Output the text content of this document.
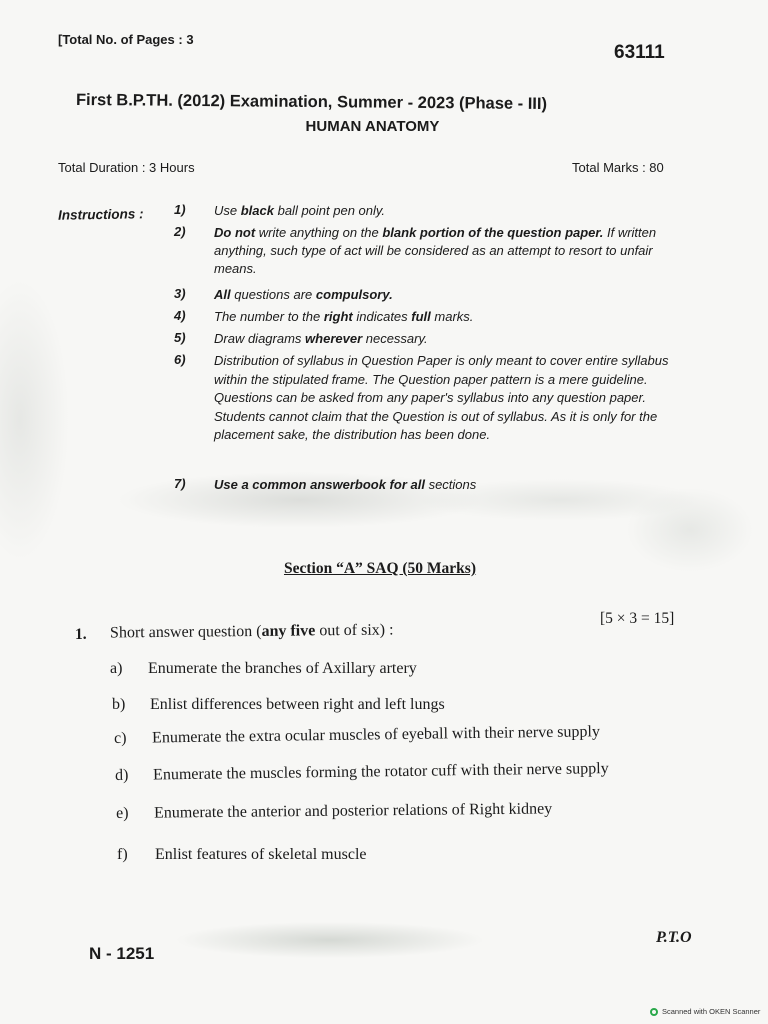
[Total No. of Pages : 3
63111
First B.P.TH. (2012) Examination, Summer - 2023 (Phase - III)
HUMAN ANATOMY
Total Duration : 3 Hours	Total Marks : 80
Instructions : 1) Use black ball point pen only.
2) Do not write anything on the blank portion of the question paper. If written anything, such type of act will be considered as an attempt to resort to unfair means.
3) All questions are compulsory.
4) The number to the right indicates full marks.
5) Draw diagrams wherever necessary.
6) Distribution of syllabus in Question Paper is only meant to cover entire syllabus within the stipulated frame. The Question paper pattern is a mere guideline. Questions can be asked from any paper's syllabus into any question paper. Students cannot claim that the Question is out of syllabus. As it is only for the placement sake, the distribution has been done.
7) Use a common answerbook for all sections
Section “A” SAQ (50 Marks)
1. Short answer question (any five out of six) :
[5 × 3 = 15]
a) Enumerate the branches of Axillary artery
b) Enlist differences between right and left lungs
c) Enumerate the extra ocular muscles of eyeball with their nerve supply
d) Enumerate the muscles forming the rotator cuff with their nerve supply
e) Enumerate the anterior and posterior relations of Right kidney
f) Enlist features of skeletal muscle
N - 1251
P.T.O
Scanned with OKEN Scanner
